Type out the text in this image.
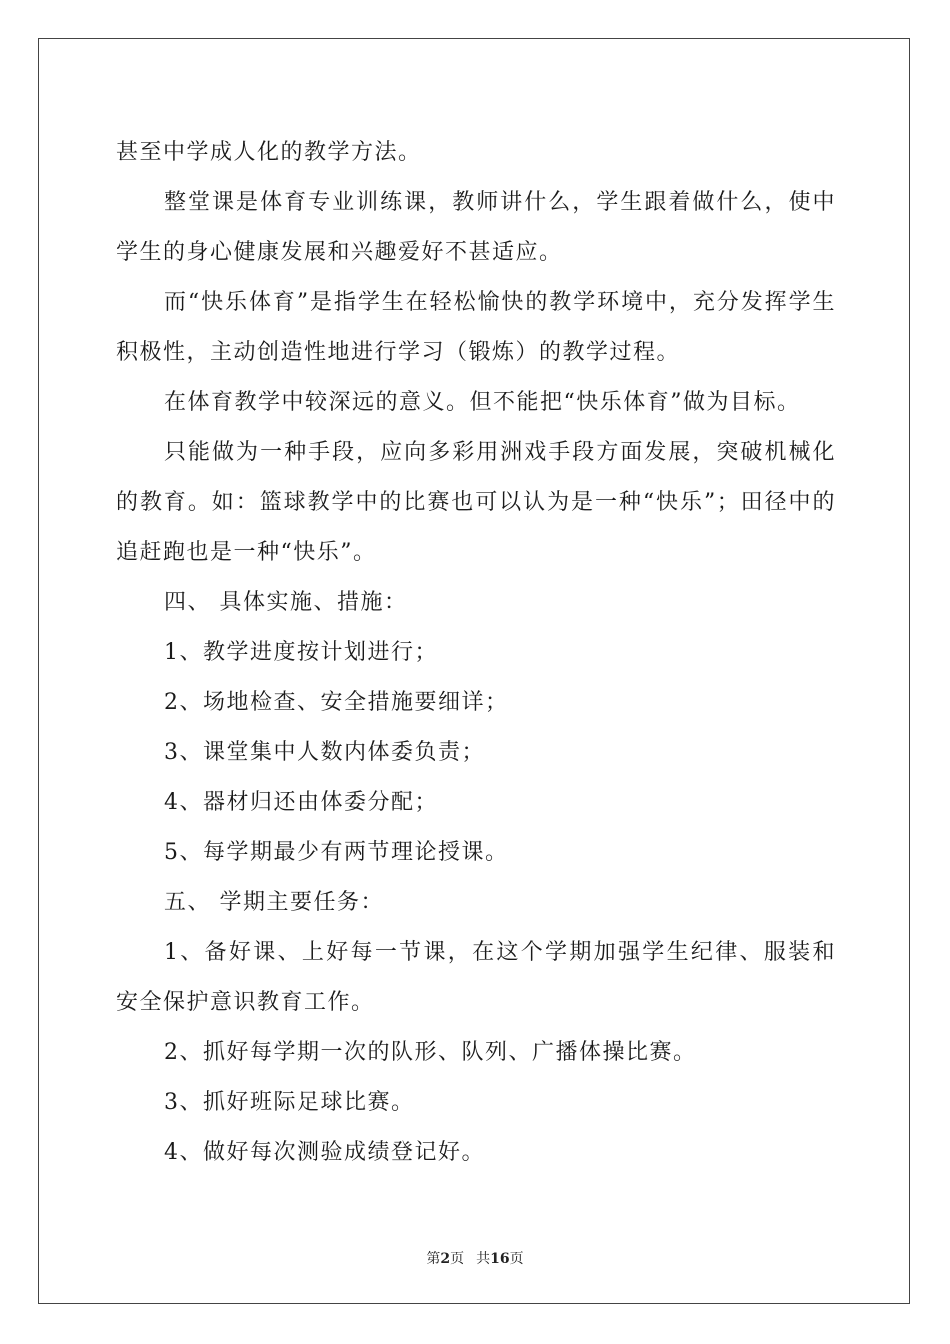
甚至中学成人化的教学方法。

整堂课是体育专业训练课，教师讲什么，学生跟着做什么，使中学生的身心健康发展和兴趣爱好不甚适应。

而“快乐体育”是指学生在轻松愉快的教学环境中，充分发挥学生积极性，主动创造性地进行学习（锻炼）的教学过程。

在体育教学中较深远的意义。但不能把“快乐体育”做为目标。

只能做为一种手段，应向多彩用洲戏手段方面发展，突破机械化的教育。如：篮球教学中的比赛也可以认为是一种“快乐”；田径中的追赶跑也是一种“快乐”。

四、 具体实施、措施：

1、教学进度按计划进行；

2、场地检查、安全措施要细详；

3、课堂集中人数内体委负责；

4、器材归还由体委分配；

5、每学期最少有两节理论授课。

五、 学期主要任务：

1、备好课、上好每一节课，在这个学期加强学生纪律、服装和安全保护意识教育工作。

2、抓好每学期一次的队形、队列、广播体操比赛。

3、抓好班际足球比赛。

4、做好每次测验成绩登记好。

第2页 共16页
